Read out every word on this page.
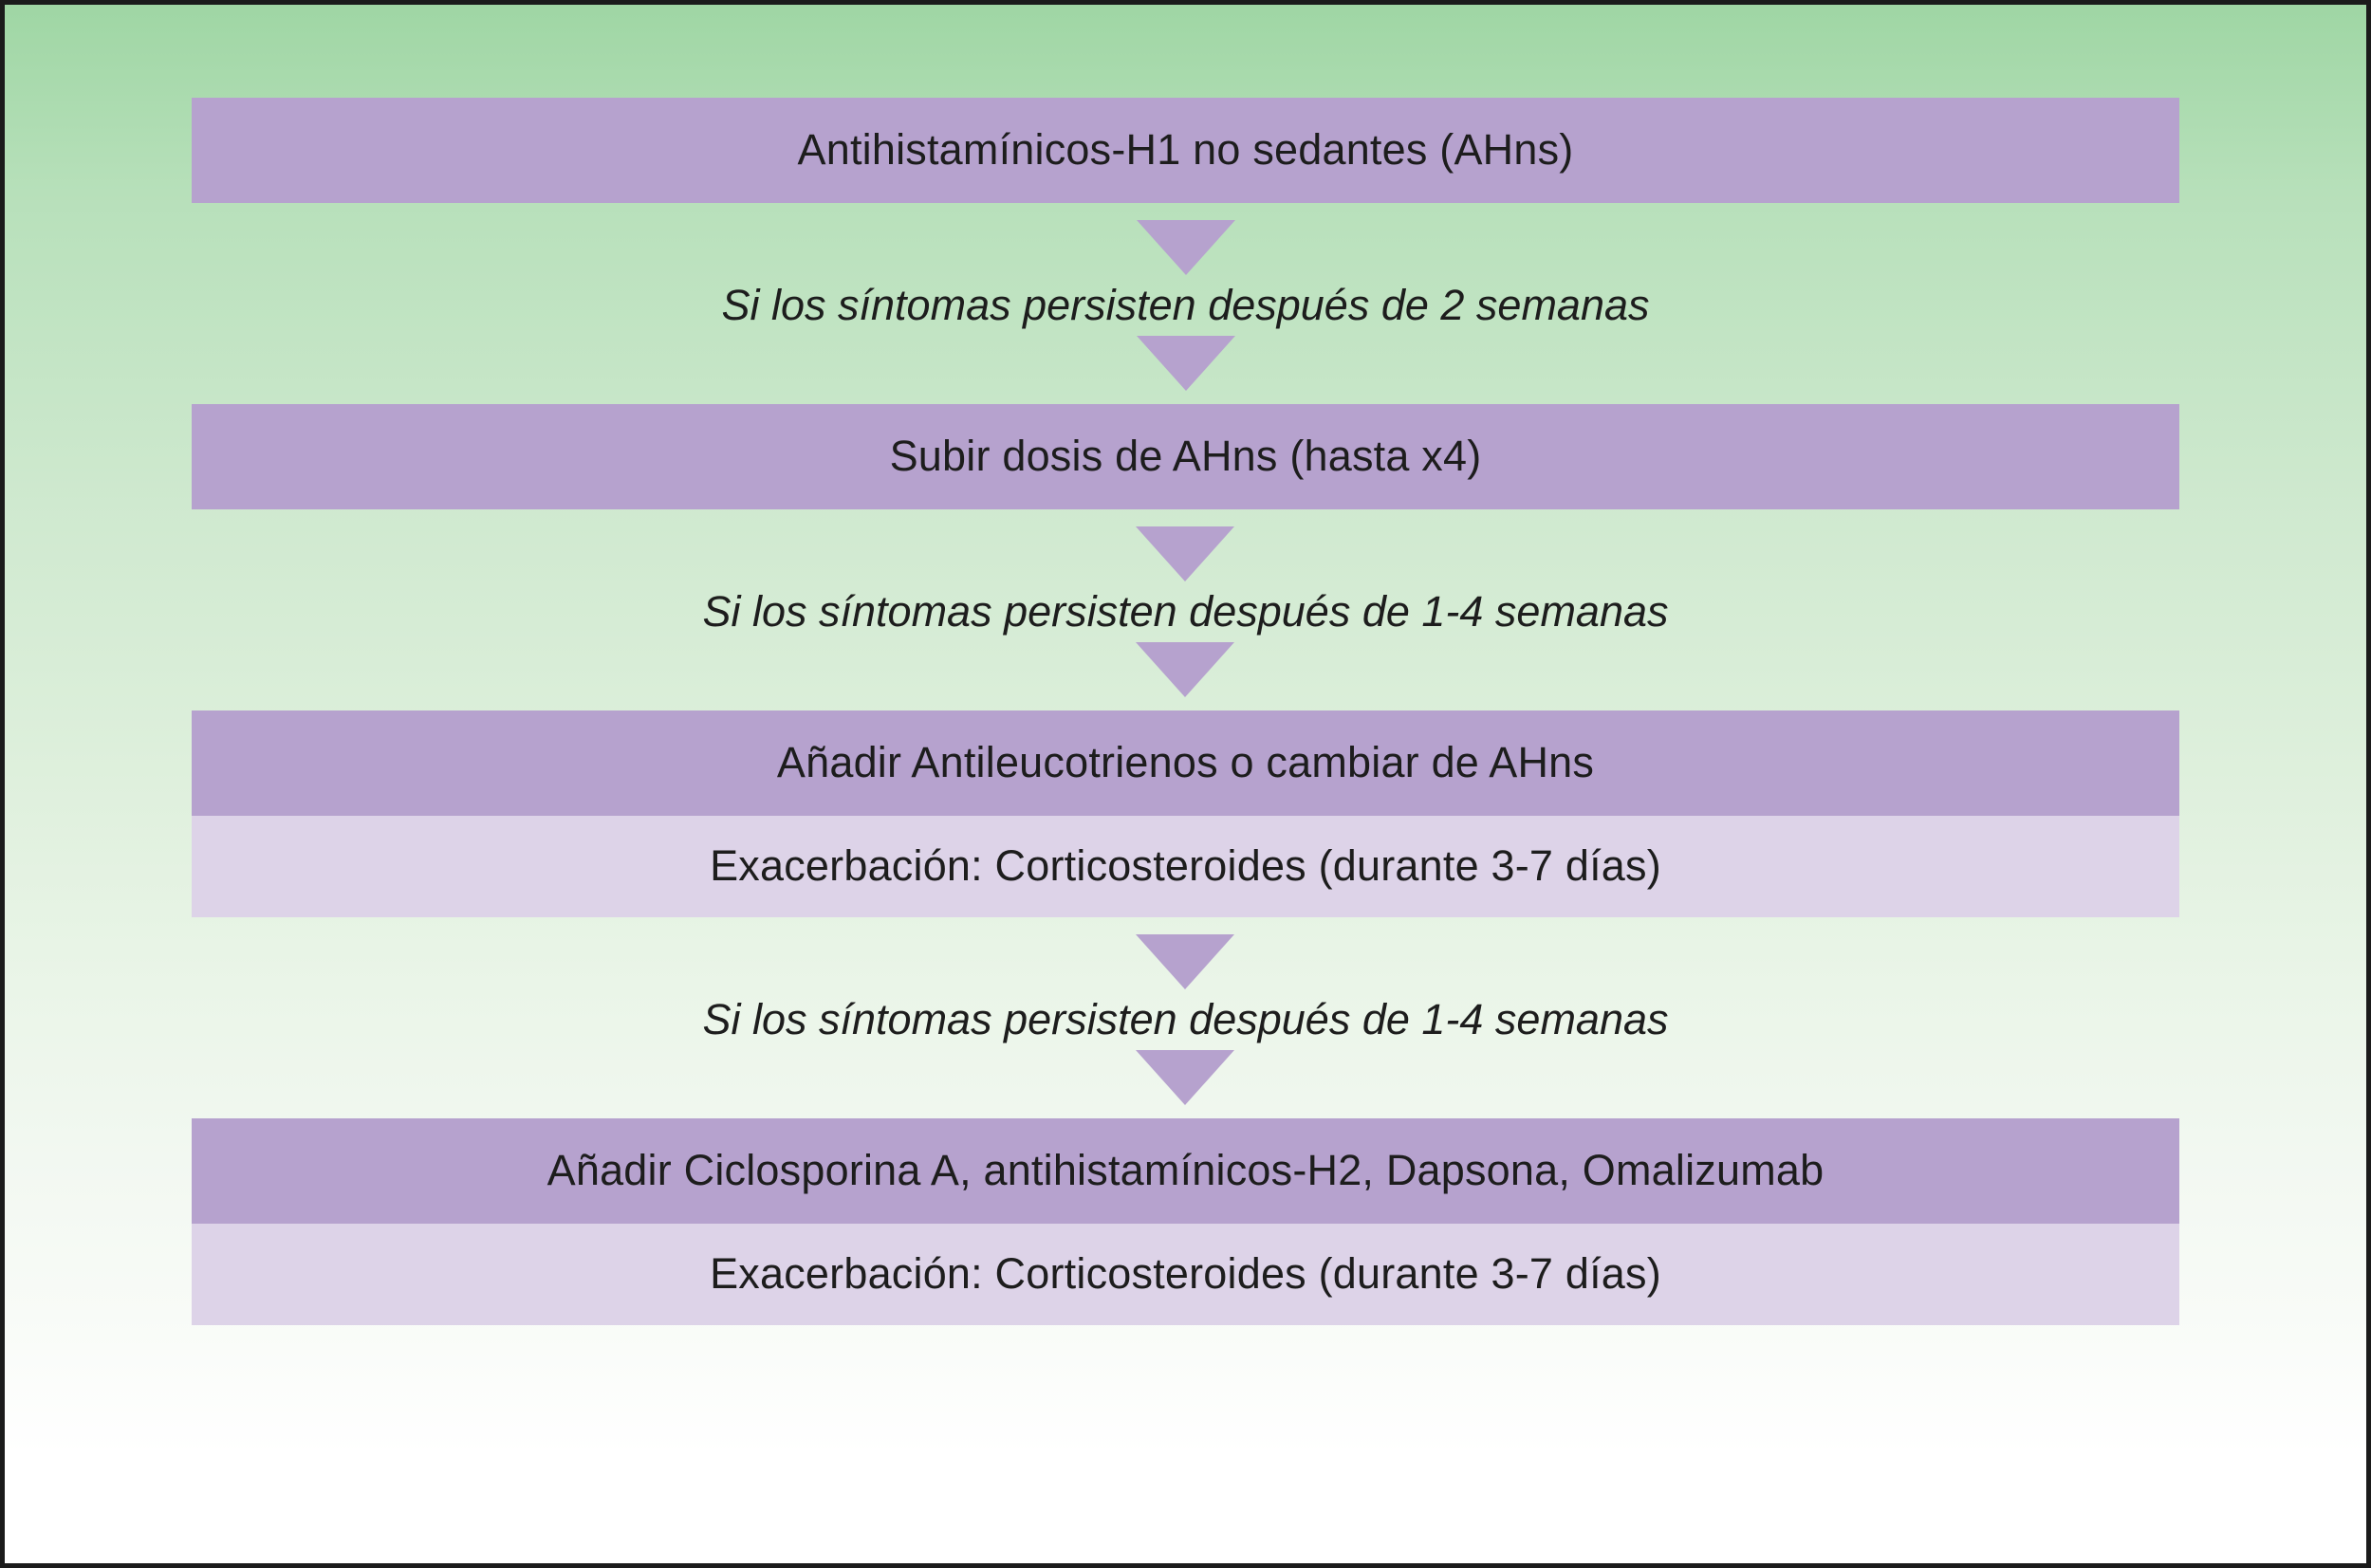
Antihistamínicos-H1 no sedantes (AHns)
Si los síntomas persisten después de 2 semanas
Subir dosis de AHns (hasta x4)
Si los síntomas persisten después de 1-4 semanas
Añadir Antileucotrienos o cambiar de AHns
Exacerbación: Corticosteroides (durante 3-7 días)
Si los síntomas persisten después de 1-4 semanas
Añadir Ciclosporina A, antihistamínicos-H2, Dapsona, Omalizumab
Exacerbación: Corticosteroides (durante 3-7 días)
